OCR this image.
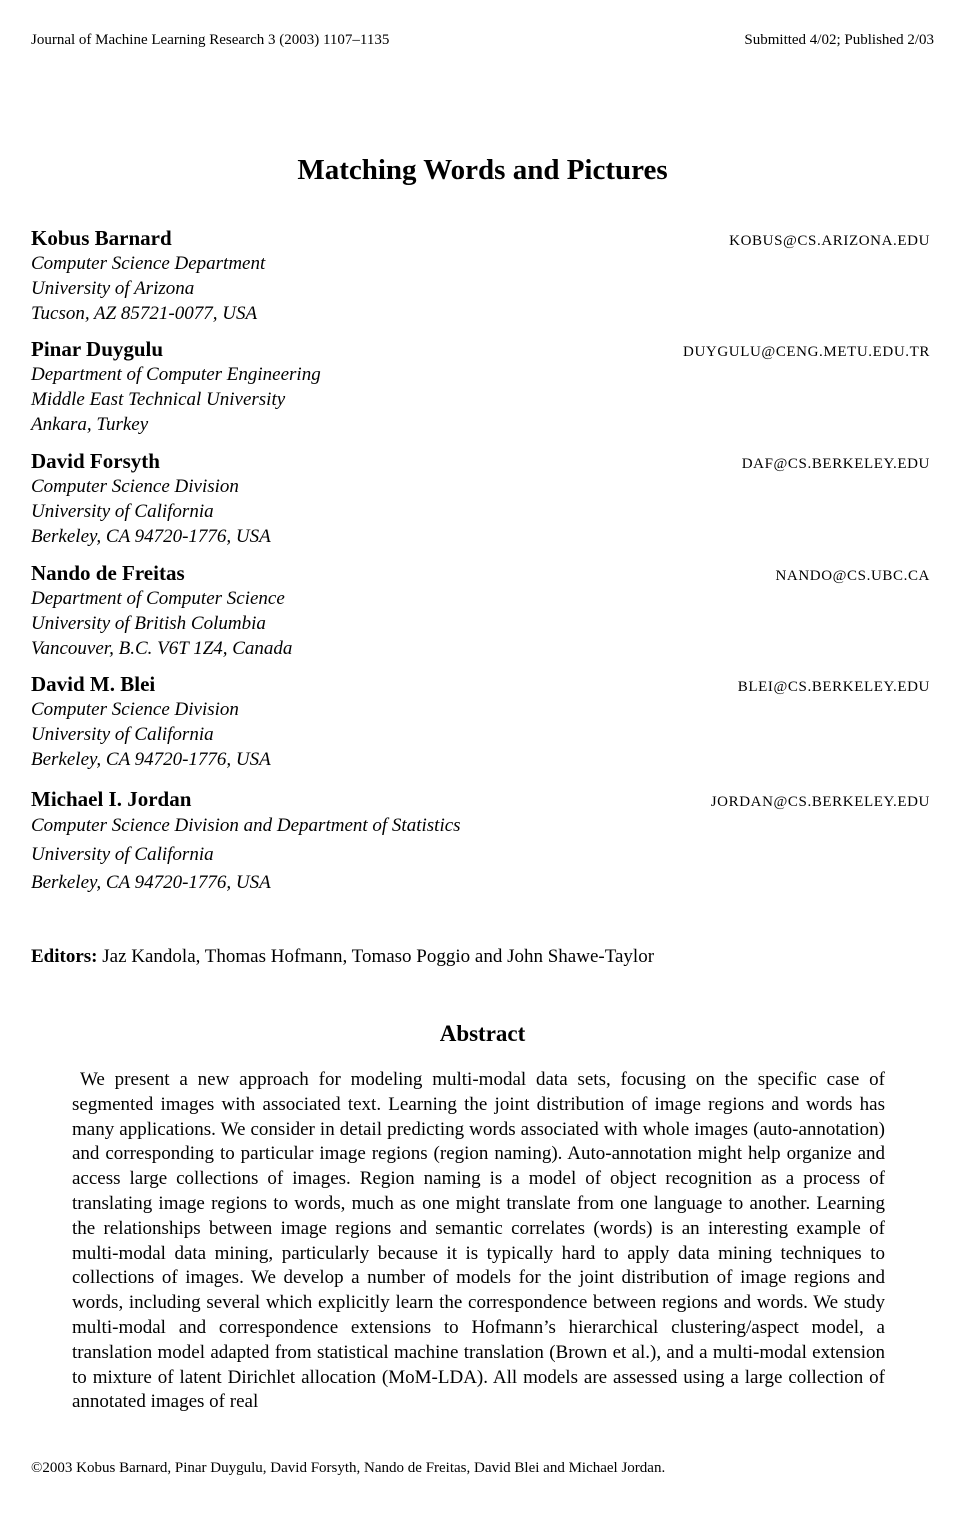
Journal of Machine Learning Research 3 (2003) 1107–1135	Submitted 4/02; Published 2/03
Matching Words and Pictures
Kobus Barnard	KOBUS@CS.ARIZONA.EDU
Computer Science Department
University of Arizona
Tucson, AZ 85721-0077, USA
Pinar Duygulu	DUYGULU@CENG.METU.EDU.TR
Department of Computer Engineering
Middle East Technical University
Ankara, Turkey
David Forsyth	DAF@CS.BERKELEY.EDU
Computer Science Division
University of California
Berkeley, CA 94720-1776, USA
Nando de Freitas	NANDO@CS.UBC.CA
Department of Computer Science
University of British Columbia
Vancouver, B.C. V6T 1Z4, Canada
David M. Blei	BLEI@CS.BERKELEY.EDU
Computer Science Division
University of California
Berkeley, CA 94720-1776, USA
Michael I. Jordan	JORDAN@CS.BERKELEY.EDU
Computer Science Division and Department of Statistics
University of California
Berkeley, CA 94720-1776, USA
Editors: Jaz Kandola, Thomas Hofmann, Tomaso Poggio and John Shawe-Taylor
Abstract
We present a new approach for modeling multi-modal data sets, focusing on the specific case of segmented images with associated text. Learning the joint distribution of image regions and words has many applications. We consider in detail predicting words associated with whole images (auto-annotation) and corresponding to particular image regions (region naming). Auto-annotation might help organize and access large collections of images. Region naming is a model of object recognition as a process of translating image regions to words, much as one might translate from one language to another. Learning the relationships between image regions and semantic correlates (words) is an interesting example of multi-modal data mining, particularly because it is typically hard to apply data mining techniques to collections of images. We develop a number of models for the joint distribution of image regions and words, including several which explicitly learn the correspondence between regions and words. We study multi-modal and correspondence extensions to Hofmann’s hierarchical clustering/aspect model, a translation model adapted from statistical machine translation (Brown et al.), and a multi-modal extension to mixture of latent Dirichlet allocation (MoM-LDA). All models are assessed using a large collection of annotated images of real
©2003 Kobus Barnard, Pinar Duygulu, David Forsyth, Nando de Freitas, David Blei and Michael Jordan.
